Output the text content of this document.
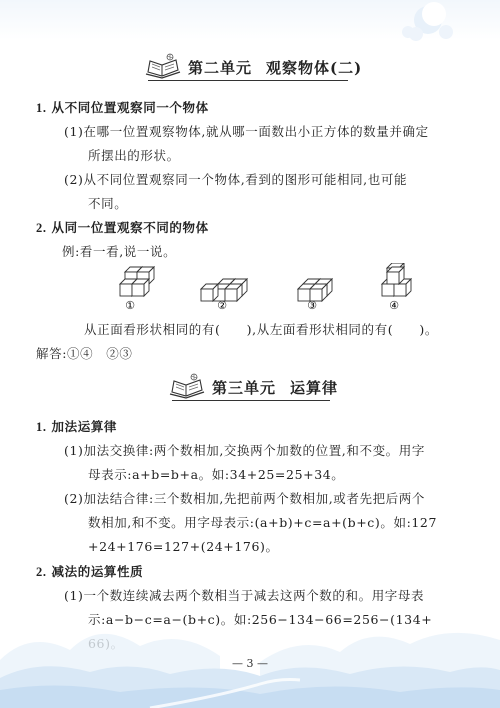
第二单元 观察物体(二)
1. 从不同位置观察同一个物体
(1)在哪一位置观察物体,就从哪一面数出小正方体的数量并确定
所摆出的形状。
(2)从不同位置观察同一个物体,看到的图形可能相同,也可能
不同。
2. 从同一位置观察不同的物体
例:看一看,说一说。
①	②	③	④
从正面看形状相同的有(　　),从左面看形状相同的有(　　)。
解答:①④　②③
第三单元 运算律
1. 加法运算律
(1)加法交换律:两个数相加,交换两个加数的位置,和不变。用字
母表示:a+b=b+a。如:34+25=25+34。
(2)加法结合律:三个数相加,先把前两个数相加,或者先把后两个
数相加,和不变。用字母表示:(a+b)+c=a+(b+c)。如:127
+24+176=127+(24+176)。
2. 减法的运算性质
(1)一个数连续减去两个数相当于减去这两个数的和。用字母表
示:a−b−c=a−(b+c)。如:256−134−66=256−(134+
— 3 —
